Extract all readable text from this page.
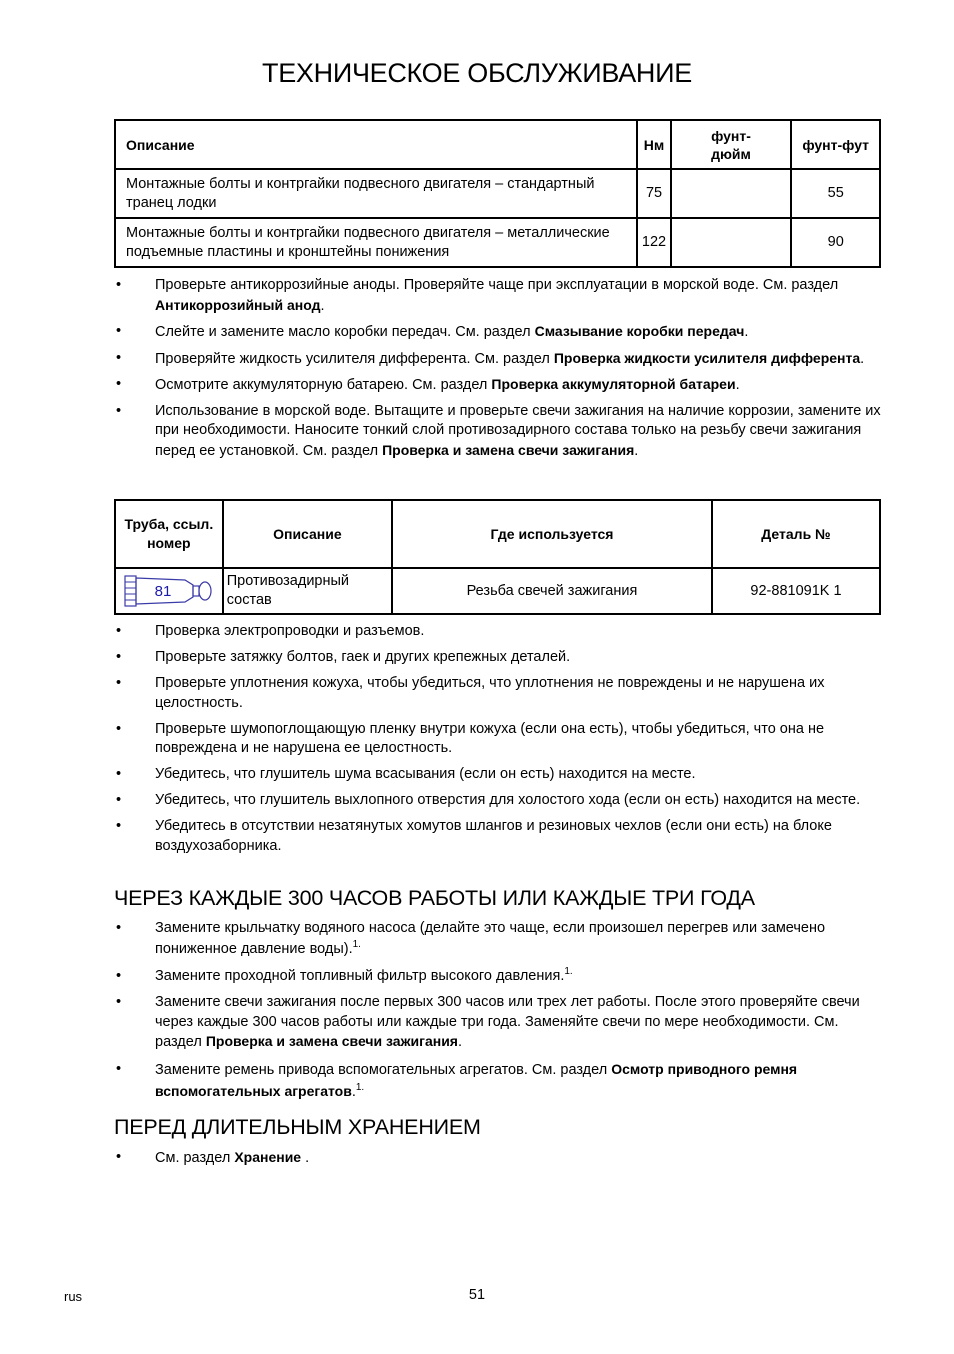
ТЕХНИЧЕСКОЕ ОБСЛУЖИВАНИЕ
Описание	Нм	фунт-дюйм	фунт-фут
Монтажные болты и контргайки подвесного двигателя – стандартный транец лодки	75		55
Монтажные болты и контргайки подвесного двигателя – металлические подъемные пластины и кронштейны понижения	122		90
• Проверьте антикоррозийные аноды. Проверяйте чаще при эксплуатации в морской воде. См. раздел Антикоррозийный анод.
• Слейте и замените масло коробки передач. См. раздел Смазывание коробки передач.
• Проверяйте жидкость усилителя дифферента. См. раздел Проверка жидкости усилителя дифферента.
• Осмотрите аккумуляторную батарею. См. раздел Проверка аккумуляторной батареи.
• Использование в морской воде. Вытащите и проверьте свечи зажигания на наличие коррозии, замените их при необходимости. Наносите тонкий слой противозадирного состава только на резьбу свечи зажигания перед ее установкой. См. раздел Проверка и замена свечи зажигания.
Труба, ссыл. номер	Описание	Где используется	Деталь №

81	Противозадирный состав	Резьба свечей зажигания	92-881091K 1
• Проверка электропроводки и разъемов.
• Проверьте затяжку болтов, гаек и других крепежных деталей.
• Проверьте уплотнения кожуха, чтобы убедиться, что уплотнения не повреждены и не нарушена их целостность.
• Проверьте шумопоглощающую пленку внутри кожуха (если она есть), чтобы убедиться, что она не повреждена и не нарушена ее целостность.
• Убедитесь, что глушитель шума всасывания (если он есть) находится на месте.
• Убедитесь, что глушитель выхлопного отверстия для холостого хода (если он есть) находится на месте.
• Убедитесь в отсутствии незатянутых хомутов шлангов и резиновых чехлов (если они есть) на блоке воздухозаборника.
ЧЕРЕЗ КАЖДЫЕ 300 ЧАСОВ РАБОТЫ ИЛИ КАЖДЫЕ ТРИ ГОДА
• Замените крыльчатку водяного насоса (делайте это чаще, если произошел перегрев или замечено пониженное давление воды).$^{1.}$
• Замените проходной топливный фильтр высокого давления.$^{1.}$
• Замените свечи зажигания после первых 300 часов или трех лет работы. После этого проверяйте свечи через каждые 300 часов работы или каждые три года. Заменяйте свечи по мере необходимости. См. раздел Проверка и замена свечи зажигания.
• Замените ремень привода вспомогательных агрегатов. См. раздел Осмотр приводного ремня вспомогательных агрегатов.$^{1.}$
ПЕРЕД ДЛИТЕЛЬНЫМ ХРАНЕНИЕМ
• См. раздел Хранение .
rus	51
